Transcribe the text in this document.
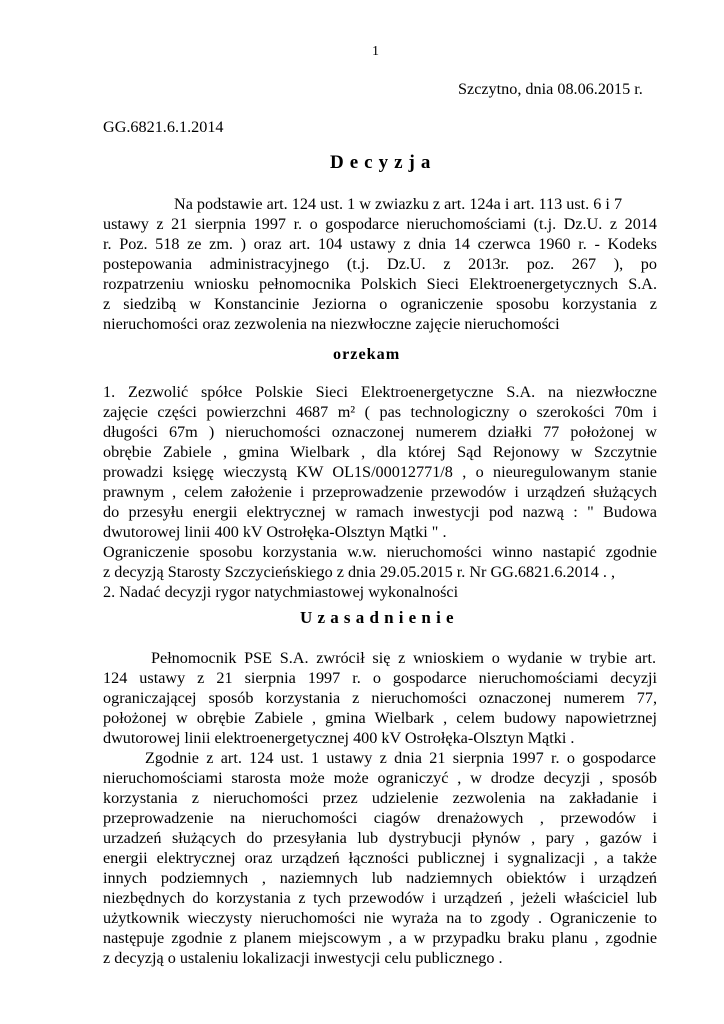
1
Szczytno, dnia 08.06.2015 r.
GG.6821.6.1.2014
Decyzja
Na podstawie art. 124 ust. 1 w zwiazku z art. 124a i art. 113 ust. 6 i 7
ustawy z 21 sierpnia 1997 r. o gospodarce nieruchomościami (t.j. Dz.U. z 2014
r. Poz. 518 ze zm. ) oraz art. 104 ustawy z dnia 14 czerwca 1960 r. - Kodeks
postepowania administracyjnego (t.j. Dz.U. z 2013r. poz. 267 ), po
rozpatrzeniu wniosku pełnomocnika Polskich Sieci Elektroenergetycznych S.A.
z siedzibą w Konstancinie Jeziorna o ograniczenie sposobu korzystania z
nieruchomości oraz zezwolenia na niezwłoczne zajęcie nieruchomości
orzekam
1. Zezwolić spółce Polskie Sieci Elektroenergetyczne S.A. na niezwłoczne
zajęcie części powierzchni 4687 m² ( pas technologiczny o szerokości 70m i
długości 67m ) nieruchomości oznaczonej numerem działki 77 położonej w
obrębie Zabiele , gmina Wielbark , dla której Sąd Rejonowy w Szczytnie
prowadzi księgę wieczystą KW OL1S/00012771/8 , o nieuregulowanym stanie
prawnym , celem założenie i przeprowadzenie przewodów i urządzeń służących
do przesyłu energii elektrycznej w ramach inwestycji pod nazwą : " Budowa
dwutorowej linii 400 kV Ostrołęka-Olsztyn Mątki " .
Ograniczenie sposobu korzystania w.w. nieruchomości winno nastapić zgodnie
z decyzją Starosty Szczycieńskiego z dnia 29.05.2015 r. Nr GG.6821.6.2014 . ,
2. Nadać decyzji rygor natychmiastowej wykonalności
Uzasadnienie
Pełnomocnik PSE S.A. zwrócił się z wnioskiem o wydanie w trybie art.
124 ustawy z 21 sierpnia 1997 r. o gospodarce nieruchomościami decyzji
ograniczającej sposób korzystania z nieruchomości oznaczonej numerem 77,
położonej w obrębie Zabiele , gmina Wielbark , celem budowy napowietrznej
dwutorowej linii elektroenergetycznej 400 kV Ostrołęka-Olsztyn Mątki .
Zgodnie z art. 124 ust. 1 ustawy z dnia 21 sierpnia 1997 r. o gospodarce
nieruchomościami starosta może może ograniczyć , w drodze decyzji , sposób
korzystania z nieruchomości przez udzielenie zezwolenia na zakładanie i
przeprowadzenie na nieruchomości ciagów drenażowych , przewodów i
urzadzeń służących do przesyłania lub dystrybucji płynów , pary , gazów i
energii elektrycznej oraz urządzeń łączności publicznej i sygnalizacji , a także
innych podziemnych , naziemnych lub nadziemnych obiektów i urządzeń
niezbędnych do korzystania z tych przewodów i urządzeń , jeżeli właściciel lub
użytkownik wieczysty nieruchomości nie wyraża na to zgody . Ograniczenie to
następuje zgodnie z planem miejscowym , a w przypadku braku planu , zgodnie
z decyzją o ustaleniu lokalizacji inwestycji celu publicznego .
